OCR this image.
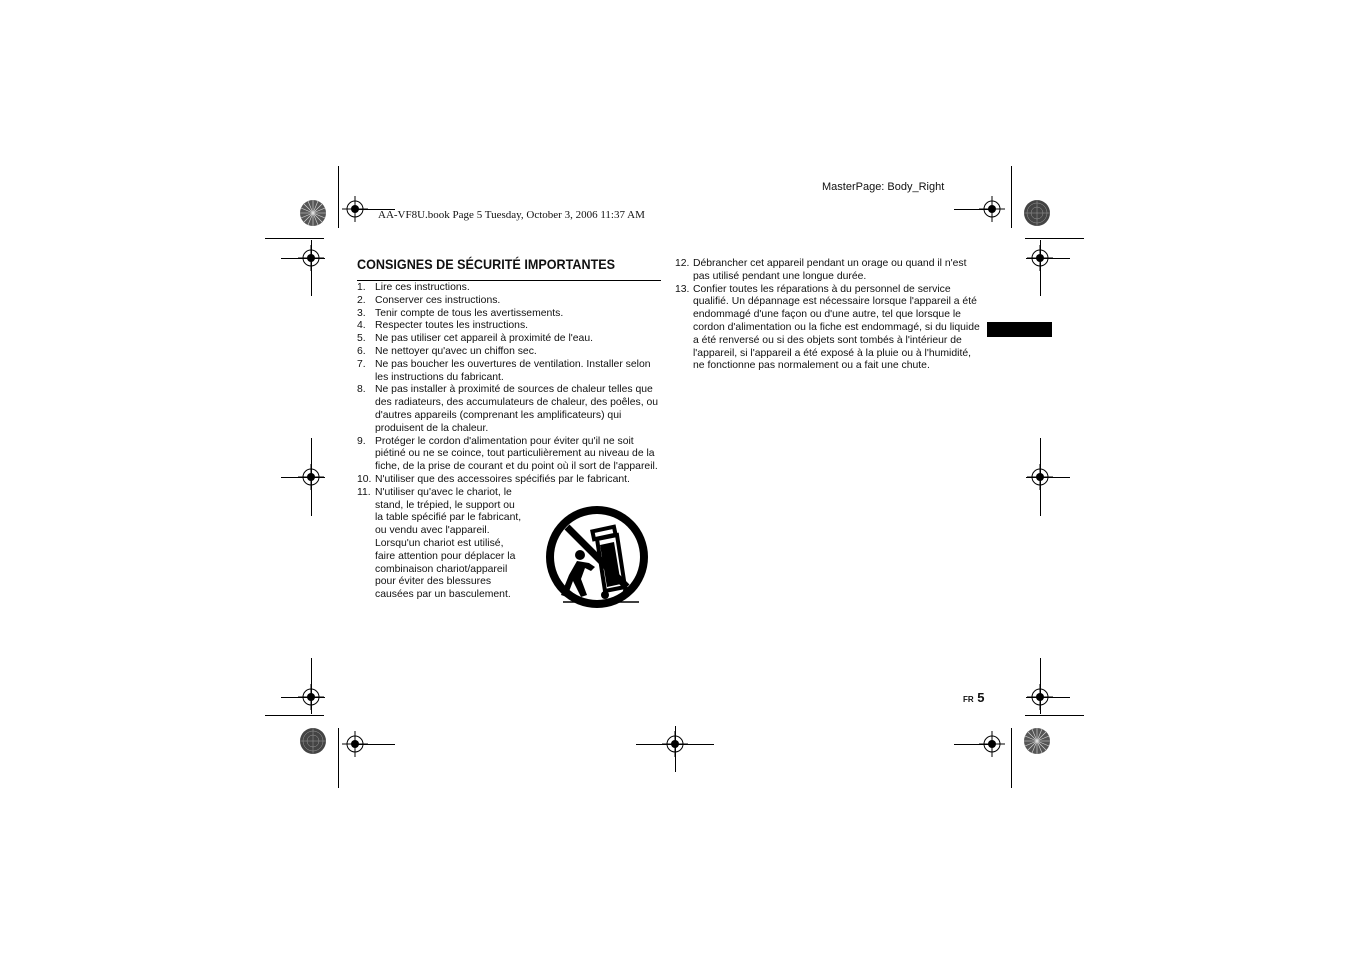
MasterPage: Body_Right
AA-VF8U.book Page 5 Tuesday, October 3, 2006 11:37 AM
CONSIGNES DE SÉCURITÉ IMPORTANTES
1. Lire ces instructions.
2. Conserver ces instructions.
3. Tenir compte de tous les avertissements.
4. Respecter toutes les instructions.
5. Ne pas utiliser cet appareil à proximité de l'eau.
6. Ne nettoyer qu'avec un chiffon sec.
7. Ne pas boucher les ouvertures de ventilation. Installer selon les instructions du fabricant.
8. Ne pas installer à proximité de sources de chaleur telles que des radiateurs, des accumulateurs de chaleur, des poêles, ou d'autres appareils (comprenant les amplificateurs) qui produisent de la chaleur.
9. Protéger le cordon d'alimentation pour éviter qu'il ne soit piétiné ou ne se coince, tout particulièrement au niveau de la fiche, de la prise de courant et du point où il sort de l'appareil.
10. N'utiliser que des accessoires spécifiés par le fabricant.
11. N'utiliser qu'avec le chariot, le stand, le trépied, le support ou la table spécifié par le fabricant, ou vendu avec l'appareil. Lorsqu'un chariot est utilisé, faire attention pour déplacer la combinaison chariot/appareil pour éviter des blessures causées par un basculement.
12. Débrancher cet appareil pendant un orage ou quand il n'est pas utilisé pendant une longue durée.
13. Confier toutes les réparations à du personnel de service qualifié. Un dépannage est nécessaire lorsque l'appareil a été endommagé d'une façon ou d'une autre, tel que lorsque le cordon d'alimentation ou la fiche est endommagé, si du liquide a été renversé ou si des objets sont tombés à l'intérieur de l'appareil, si l'appareil a été exposé à la pluie ou à l'humidité, ne fonctionne pas normalement ou a fait une chute.
FR 5
